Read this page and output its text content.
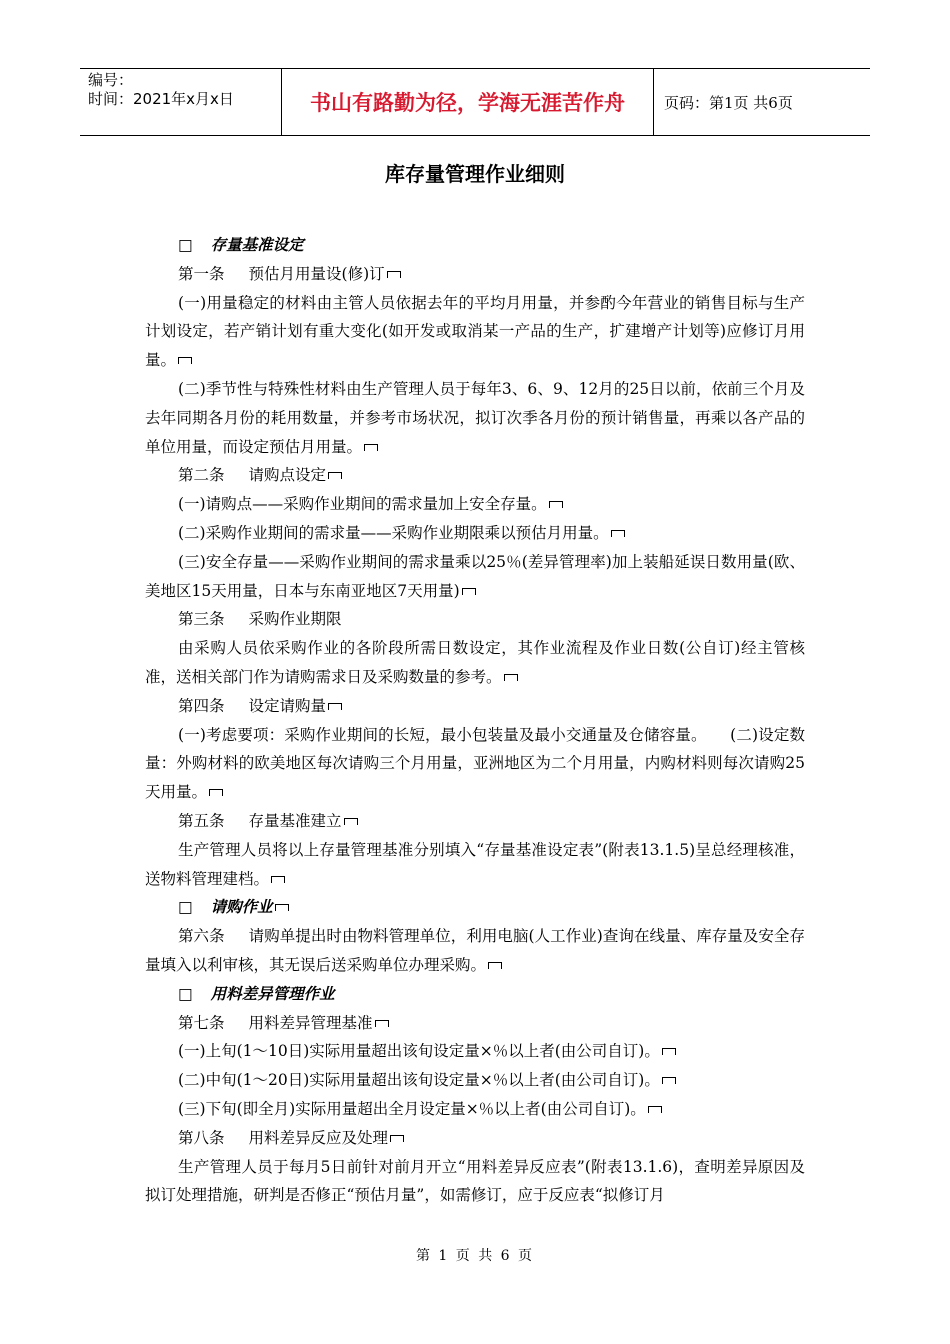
编号：
时间：2021年x月x日	书山有路勤为径，学海无涯苦作舟	页码：第1页 共6页
库存量管理作业细则

□ 存量基准设定

第一条 预估月用量设(修)订

(一)用量稳定的材料由主管人员依据去年的平均月用量，并参酌今年营业的销售目标与生产计划设定，若产销计划有重大变化(如开发或取消某一产品的生产，扩建增产计划等)应修订月用量。

(二)季节性与特殊性材料由生产管理人员于每年3、6、9、12月的25日以前，依前三个月及去年同期各月份的耗用数量，并参考市场状况，拟订次季各月份的预计销售量，再乘以各产品的单位用量，而设定预估月用量。

第二条 请购点设定

(一)请购点——采购作业期间的需求量加上安全存量。

(二)采购作业期间的需求量——采购作业期限乘以预估月用量。

(三)安全存量——采购作业期间的需求量乘以25％(差异管理率)加上装船延误日数用量(欧、美地区15天用量，日本与东南亚地区7天用量)

第三条 采购作业期限

由采购人员依采购作业的各阶段所需日数设定，其作业流程及作业日数(公自订)经主管核准，送相关部门作为请购需求日及采购数量的参考。

第四条 设定请购量

(一)考虑要项：采购作业期间的长短，最小包装量及最小交通量及仓储容量。　　(二)设定数量：外购材料的欧美地区每次请购三个月用量，亚洲地区为二个月用量，内购材料则每次请购25天用量。

第五条 存量基准建立

生产管理人员将以上存量管理基准分别填入“存量基准设定表”(附表13.1.5)呈总经理核准，送物料管理建档。

□ 请购作业

第六条 请购单提出时由物料管理单位，利用电脑(人工作业)查询在线量、库存量及安全存量填入以利审核，其无误后送采购单位办理采购。

□ 用料差异管理作业

第七条 用料差异管理基准

(一)上旬(1～10日)实际用量超出该旬设定量×％以上者(由公司自订)。

(二)中旬(1～20日)实际用量超出该旬设定量×％以上者(由公司自订)。

(三)下旬(即全月)实际用量超出全月设定量×％以上者(由公司自订)。

第八条 用料差异反应及处理

生产管理人员于每月5日前针对前月开立“用料差异反应表”(附表13.1.6)，查明差异原因及拟订处理措施，研判是否修正“预估月量”，如需修订，应于反应表“拟修订月

第 1 页 共 6 页
